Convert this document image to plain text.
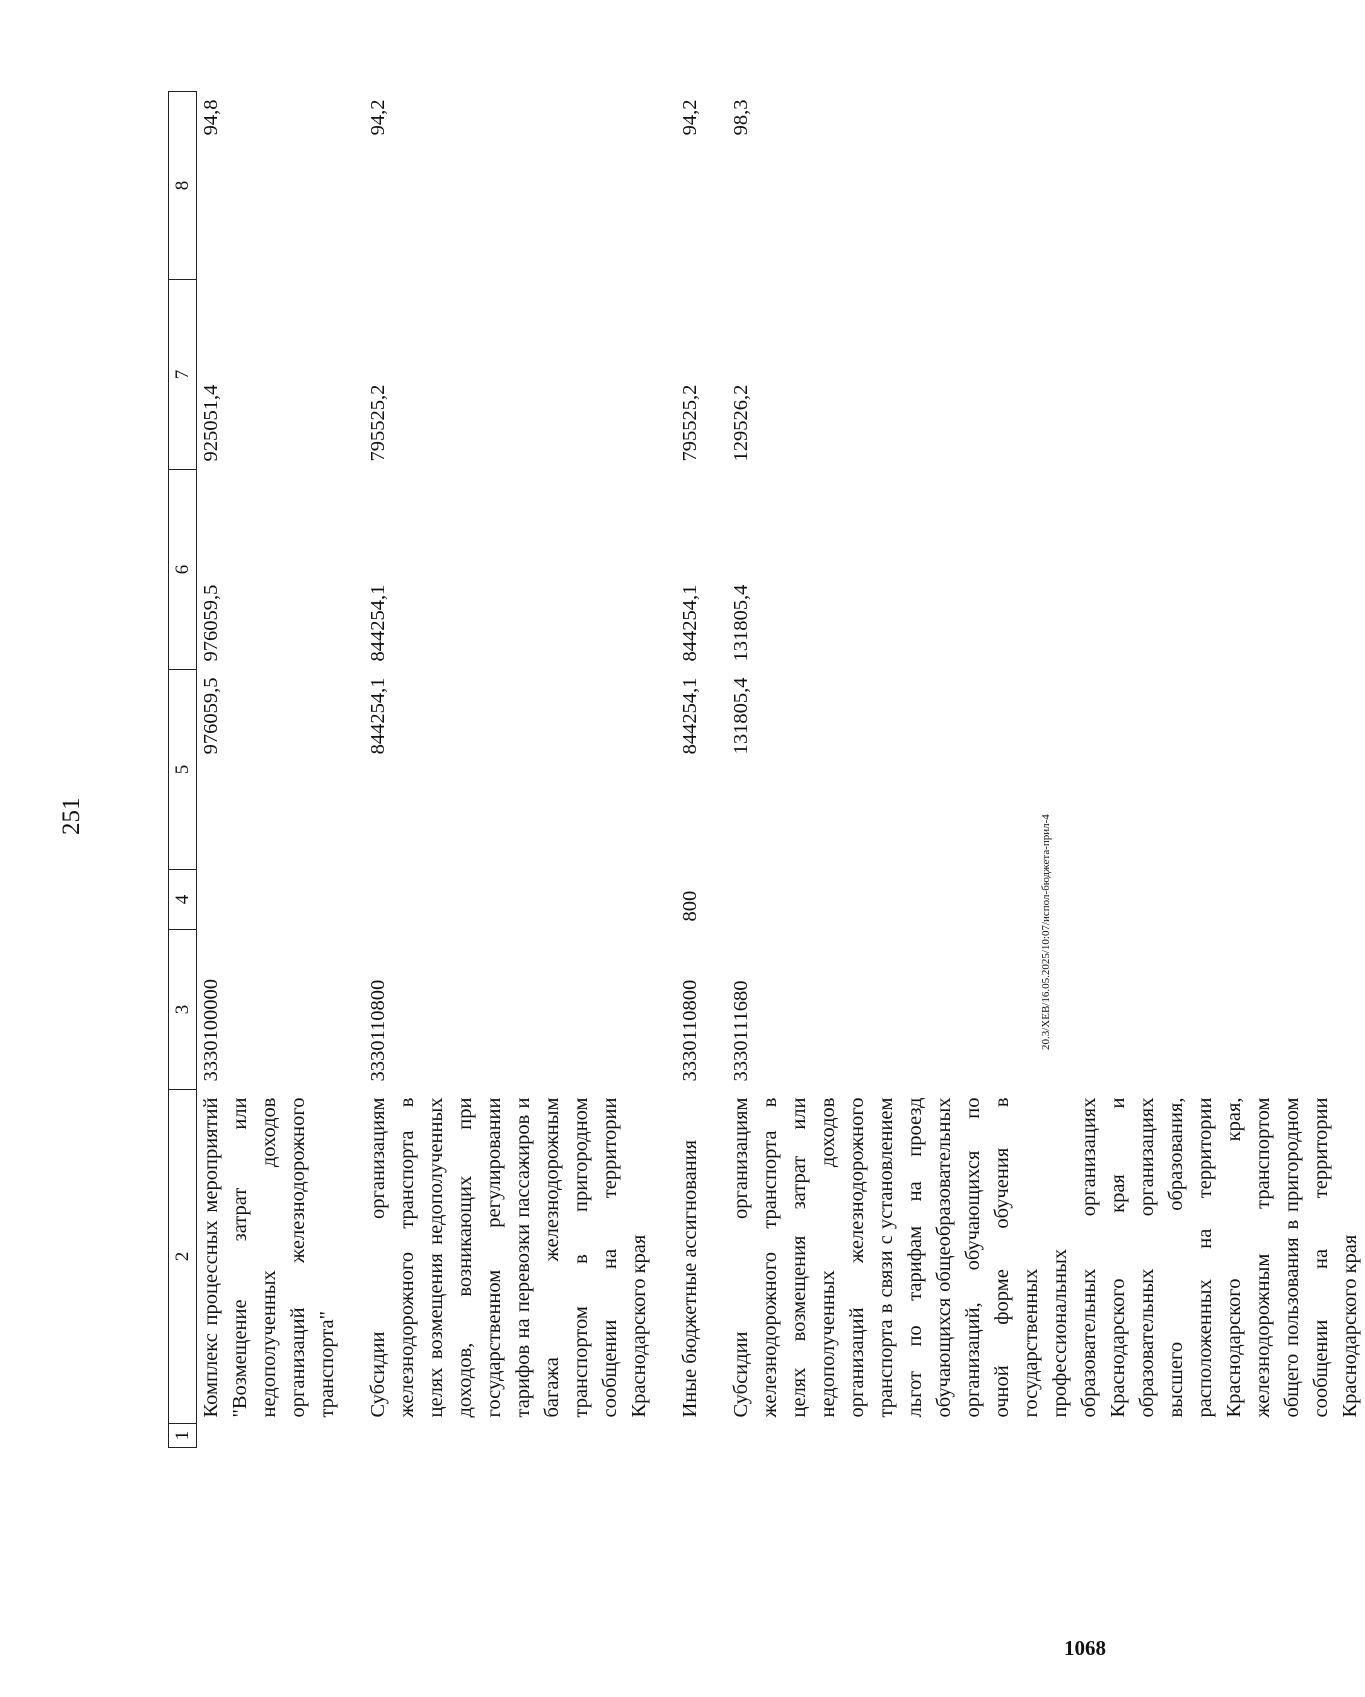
251
1	2	3	4	5	6	7	8
	Комплекс процессных мероприятий "Возмещение затрат или недополученных доходов организаций железнодорожного транспорта"	3330100000		976059,5	976059,5	925051,4	94,8
	Субсидии организациям железнодорожного транспорта в целях возмещения недополученных доходов, возникающих при государственном регулировании тарифов на перевозки пассажиров и багажа железнодорожным транспортом в пригородном сообщении на территории Краснодарского края	3330110800		844254,1	844254,1	795525,2	94,2
	Иные бюджетные ассигнования	3330110800	800	844254,1	844254,1	795525,2	94,2
	Субсидии организациям железнодорожного транспорта в целях возмещения затрат или недополученных доходов организаций железнодорожного транспорта в связи с установлением льгот по тарифам на проезд обучающихся общеобразовательных организаций, обучающихся по очной форме обучения в государственных профессиональных образовательных организациях Краснодарского края и образовательных организациях высшего образования, расположенных на территории Краснодарского края, железнодорожным транспортом общего пользования в пригородном сообщении на территории Краснодарского края	3330111680		131805,4	131805,4	129526,2	98,3
20.3/ХЕВ/16.05.2025/10:07/испол-бюджета-прил-4
1068
